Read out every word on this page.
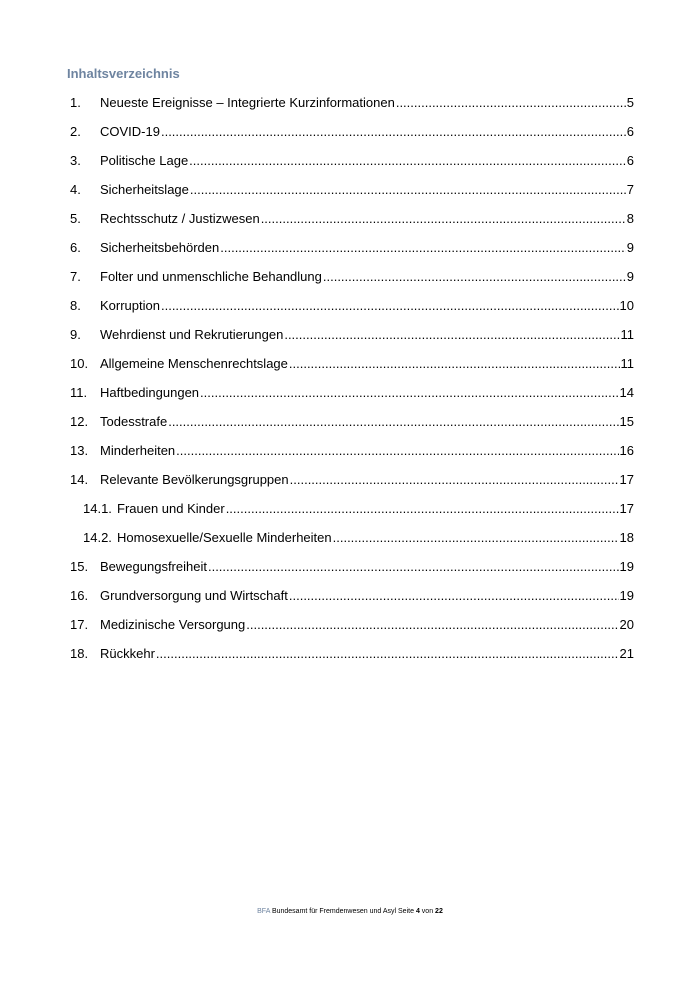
Inhaltsverzeichnis
1.	Neueste Ereignisse – Integrierte Kurzinformationen .....	5
2.	COVID-19 .....	6
3.	Politische Lage .....	6
4.	Sicherheitslage .....	7
5.	Rechtsschutz / Justizwesen .....	8
6.	Sicherheitsbehörden .....	9
7.	Folter und unmenschliche Behandlung .....	9
8.	Korruption .....	10
9.	Wehrdienst und Rekrutierungen .....	11
10. Allgemeine Menschenrechtslage .....	11
11. Haftbedingungen .....	14
12. Todesstrafe .....	15
13. Minderheiten .....	16
14. Relevante Bevölkerungsgruppen .....	17
14.1. Frauen und Kinder .....	17
14.2. Homosexuelle/Sexuelle Minderheiten .....	18
15. Bewegungsfreiheit .....	19
16. Grundversorgung und Wirtschaft .....	19
17. Medizinische Versorgung .....	20
18. Rückkehr .....	21
BFA Bundesamt für Fremdenwesen und Asyl Seite 4 von 22
